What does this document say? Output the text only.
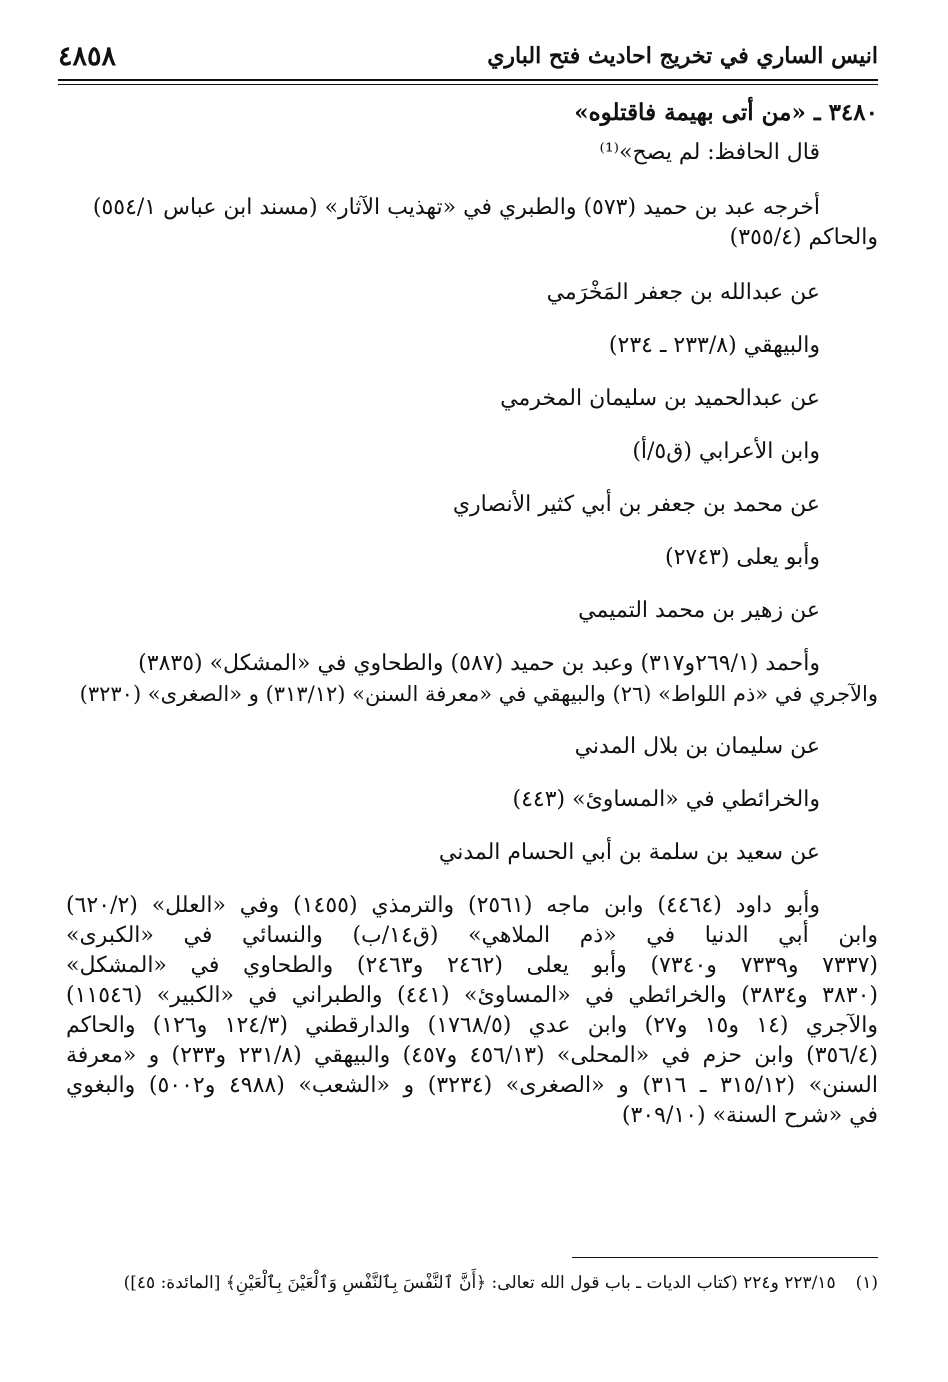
انيس الساري في تخريج احاديث فتح الباري
٤٨٥٨

٣٤٨٠ ـ «من أتى بهيمة فاقتلوه»

قال الحافظ: لم يصح»⁽¹⁾

أخرجه عبد بن حميد (٥٧٣) والطبري في «تهذيب الآثار» (مسند ابن عباس ٥٥٤/١)

والحاكم (٣٥٥/٤)

عن عبدالله بن جعفر المَخْرَمي

والبيهقي (٢٣٣/٨ ـ ٢٣٤)

عن عبدالحميد بن سليمان المخرمي

وابن الأعرابي (ق٥/أ)

عن محمد بن جعفر بن أبي كثير الأنصاري

وأبو يعلى (٢٧٤٣)

عن زهير بن محمد التميمي

وأحمد (٢٦٩/١و٣١٧) وعبد بن حميد (٥٨٧) والطحاوي في «المشكل» (٣٨٣٥)

والآجري في «ذم اللواط» (٢٦) والبيهقي في «معرفة السنن» (٣١٣/١٢) و «الصغرى» (٣٢٣٠)

عن سليمان بن بلال المدني

والخرائطي في «المساوئ» (٤٤٣)

عن سعيد بن سلمة بن أبي الحسام المدني

وأبو داود (٤٤٦٤) وابن ماجه (٢٥٦١) والترمذي (١٤٥٥) وفي «العلل» (٦٢٠/٢)

وابن أبي الدنيا في «ذم الملاهي» (ق١٤/ب) والنسائي في «الكبرى»

(٧٣٣٧ و٧٣٣٩ و٧٣٤٠) وأبو يعلى (٢٤٦٢ و٢٤٦٣) والطحاوي في «المشكل»

(٣٨٣٠ و٣٨٣٤) والخرائطي في «المساوئ» (٤٤١) والطبراني في «الكبير» (١١٥٤٦)

والآجري (١٤ و١٥ و٢٧) وابن عدي (١٧٦٨/٥) والدارقطني (١٢٤/٣ و١٢٦) والحاكم

(٣٥٦/٤) وابن حزم في «المحلى» (٤٥٦/١٣ و٤٥٧) والبيهقي (٢٣١/٨ و٢٣٣) و «معرفة

السنن» (٣١٥/١٢ ـ ٣١٦) و «الصغرى» (٣٢٣٤) و «الشعب» (٤٩٨٨ و٥٠٠٢) والبغوي

في «شرح السنة» (٣٠٩/١٠)

(١)٢٢٣/١٥ و٢٢٤ (كتاب الديات ـ باب قول الله تعالى: ﴿أَنَّ ٱلنَّفْسَ بِٱلنَّفْسِ وَٱلْعَيْنَ بِٱلْعَيْنِ﴾ [المائدة: ٤٥])
